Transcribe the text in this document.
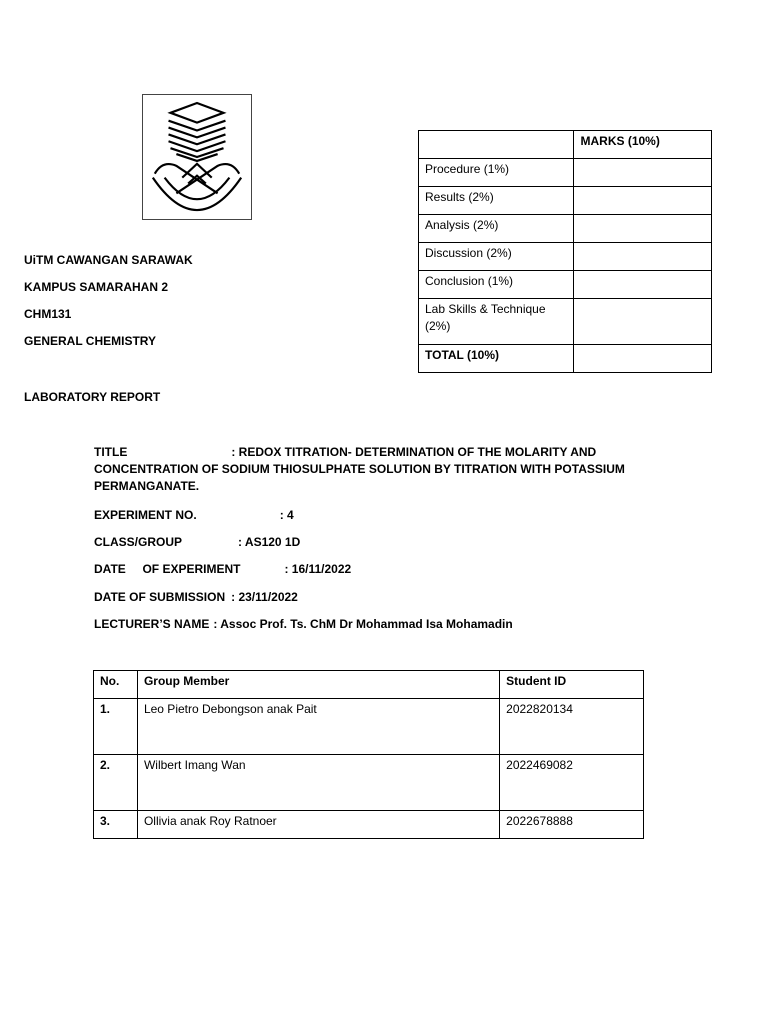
	MARKS (10%)
Procedure (1%)	
Results (2%)	
Analysis (2%)	
Discussion (2%)	
Conclusion (1%)	
Lab Skills & Technique (2%)	
TOTAL (10%)	
UiTM CAWANGAN SARAWAK
KAMPUS SAMARAHAN 2
CHM131
GENERAL CHEMISTRY
LABORATORY REPORT
TITLE	: REDOX TITRATION- DETERMINATION OF THE MOLARITY AND
CONCENTRATION OF SODIUM THIOSULPHATE SOLUTION BY TITRATION WITH POTASSIUM PERMANGANATE.
EXPERIMENT NO.	: 4
CLASS/GROUP	: AS120 1D
DATE     OF EXPERIMENT	: 16/11/2022
DATE OF SUBMISSION : 23/11/2022
LECTURER’S NAME : Assoc Prof. Ts. ChM Dr Mohammad Isa Mohamadin
No.	Group Member	Student ID
1.	Leo Pietro Debongson anak Pait	2022820134
2.	Wilbert Imang Wan	2022469082
3.	Ollivia anak Roy Ratnoer	2022678888
